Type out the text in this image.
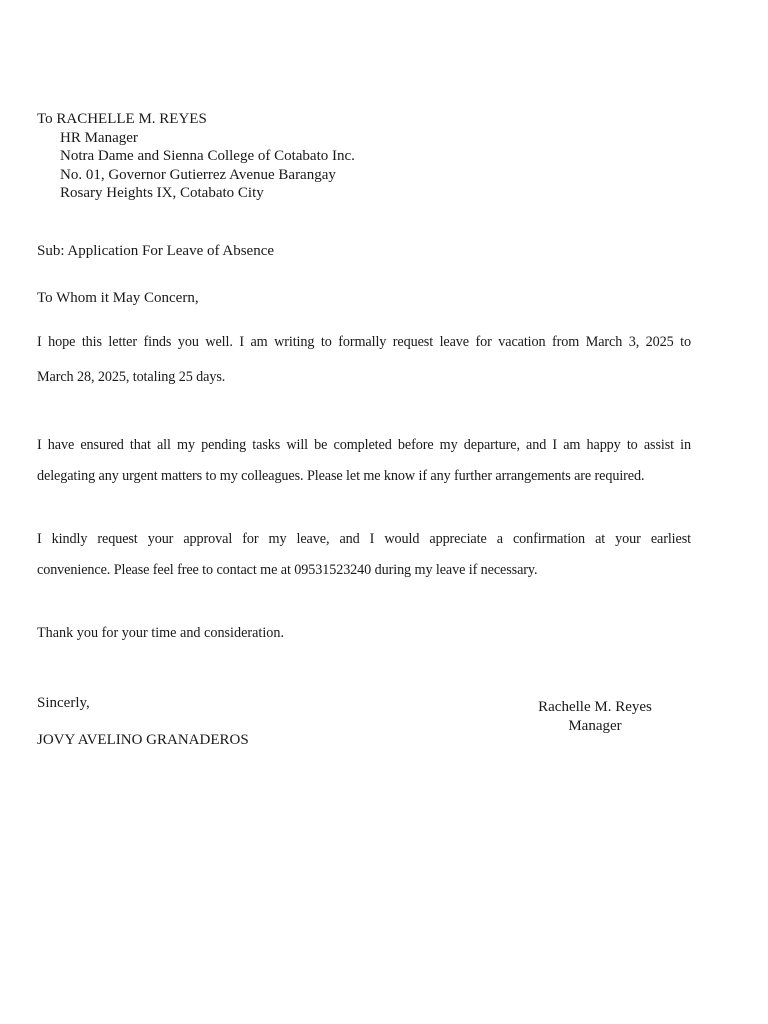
To RACHELLE M. REYES
HR Manager
Notra Dame and Sienna College of Cotabato Inc.
No. 01, Governor Gutierrez Avenue Barangay
Rosary Heights IX, Cotabato City
Sub: Application For Leave of Absence
To Whom it May Concern,
I hope this letter finds you well. I am writing to formally request leave for vacation from March 3, 2025 to
March 28, 2025, totaling 25 days.
I have ensured that all my pending tasks will be completed before my departure, and I am happy to assist in
delegating any urgent matters to my colleagues. Please let me know if any further arrangements are required.
I kindly request your approval for my leave, and I would appreciate a confirmation at your earliest
convenience. Please feel free to contact me at 09531523240 during my leave if necessary.
Thank you for your time and consideration.
Sincerly,
JOVY AVELINO GRANADEROS
Rachelle M. Reyes
Manager
